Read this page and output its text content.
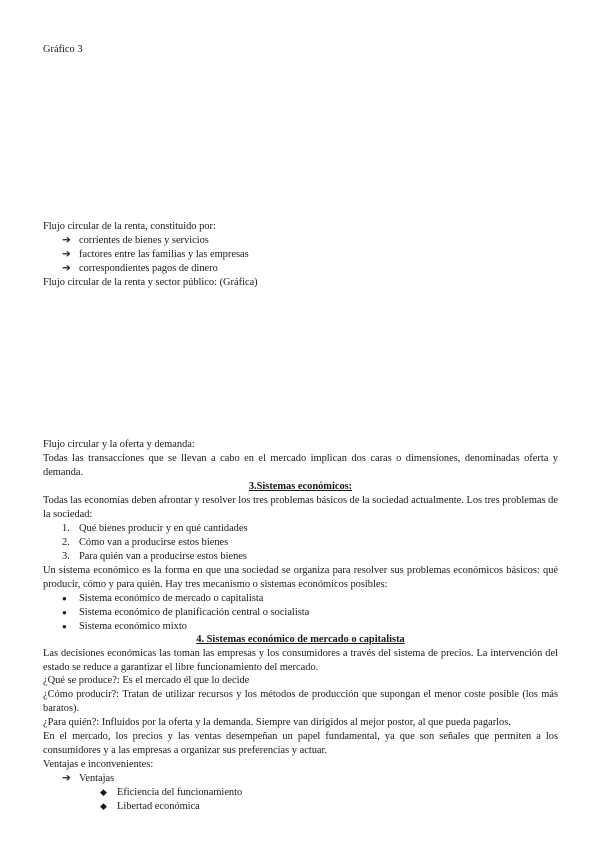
Gráfico 3
Flujo circular de la renta, constituido por:
➔ corrientes de bienes y servicios
➔ factores entre las familias y las empresas
➔ correspondientes pagos de dinero
Flujo circular de la renta y sector público: (Gráfica)
Flujo circular y la oferta y demanda:
Todas las transacciones que se llevan a cabo en el mercado implican dos caras o dimensiones, denominadas oferta y demanda.
3.Sistemas económicos:
Todas las economías deben afrontar y resolver los tres problemas básicos de la sociedad actualmente. Los tres problemas de la sociedad:
1. Qué bienes producir y en qué cantidades
2. Cómo van a producirse estos bienes
3. Para quién van a producirse estos bienes
Un sistema económico es la forma en que una sociedad se organiza para resolver sus problemas económicos básicos: qué producir, cómo y para quién. Hay tres mecanismo o sistemas económicos posibles:
● Sistema económico de mercado o capitalista
● Sistema económico de planificación central o socialista
● Sistema económico mixto
4. Sistemas económico de mercado o capitalista
Las decisiones económicas las toman las empresas y los consumidores a través del sistema de precios. La intervención del estado se reduce a garantizar el libre funcionamiento del mercado.
¿Qué se produce?: Es el mercado él que lo decide
¿Cómo producir?: Tratan de utilizar recursos y los métodos de producción que supongan el menor coste posible (los más baratos).
¿Para quién?: Influidos por la oferta y la demanda. Siempre van dirigidos al mejor postor, al que pueda pagarlos.
En el mercado, los precios y las ventas desempeñan un papel fundamental, ya que son señales que permiten a los consumidores y a las empresas a organizar sus preferencias y actuar.
Ventajas e inconvenientes:
➔ Ventajas
◆ Eficiencia del funcionamiento
◆ Libertad económica
